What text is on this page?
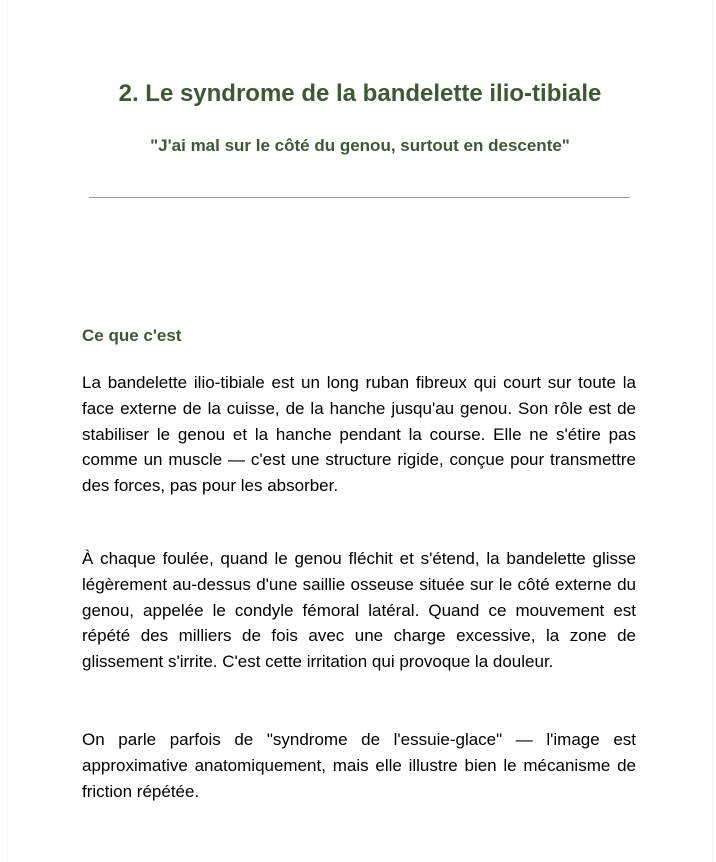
2. Le syndrome de la bandelette ilio-tibiale

"J'ai mal sur le côté du genou, surtout en descente"

Ce que c'est

La bandelette ilio-tibiale est un long ruban fibreux qui court sur toute la face externe de la cuisse, de la hanche jusqu'au genou. Son rôle est de stabiliser le genou et la hanche pendant la course. Elle ne s'étire pas comme un muscle — c'est une structure rigide, conçue pour transmettre des forces, pas pour les absorber.

À chaque foulée, quand le genou fléchit et s'étend, la bandelette glisse légèrement au-dessus d'une saillie osseuse située sur le côté externe du genou, appelée le condyle fémoral latéral. Quand ce mouvement est répété des milliers de fois avec une charge excessive, la zone de glissement s'irrite. C'est cette irritation qui provoque la douleur.

On parle parfois de "syndrome de l'essuie-glace" — l'image est approximative anatomiquement, mais elle illustre bien le mécanisme de friction répétée.
